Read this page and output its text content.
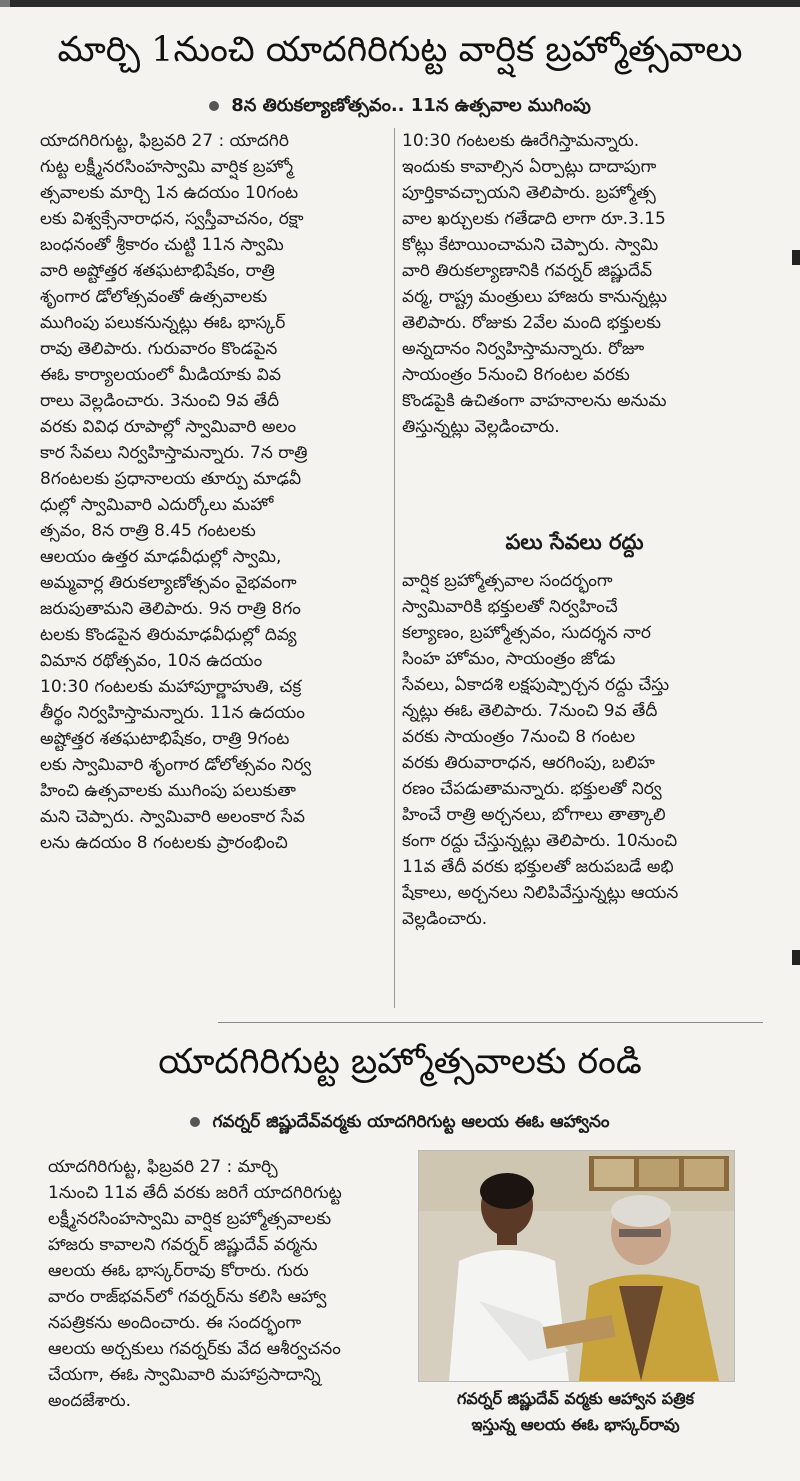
మార్చి 1నుంచి యాదగిరిగుట్ట వార్షిక బ్రహ్మోత్సవాలు
8న తిరుకల్యాణోత్సవం.. 11న ఉత్సవాల ముగింపు
యాదగిరిగుట్ట, ఫిబ్రవరి 27 : యాదగిరి
గుట్ట లక్ష్మీనరసింహస్వామి వార్షిక బ్రహ్మో
త్సవాలకు మార్చి 1న ఉదయం 10గంట
లకు విశ్వక్సేనారాధన, స్వస్తీవాచనం, రక్షా
బంధనంతో శ్రీకారం చుట్టి 11న స్వామి
వారి అష్టోత్తర శతఘటాభిషేకం, రాత్రి
శృంగార డోలోత్సవంతో ఉత్సవాలకు
ముగింపు పలుకనున్నట్లు ఈఓ భాస్కర్
రావు తెలిపారు. గురువారం కొండపైన
ఈఓ కార్యాలయంలో మీడియాకు వివ
రాలు వెల్లడించారు. 3నుంచి 9వ తేదీ
వరకు వివిధ రూపాల్లో స్వామివారి అలం
కార సేవలు నిర్వహిస్తామన్నారు. 7న రాత్రి
8గంటలకు ప్రధానాలయ తూర్పు మాఢవీ
ధుల్లో స్వామివారి ఎదుర్కోలు మహో
త్సవం, 8న రాత్రి 8.45 గంటలకు
ఆలయం ఉత్తర మాఢవీధుల్లో స్వామి,
అమ్మవార్ల తిరుకల్యాణోత్సవం వైభవంగా
జరుపుతామని తెలిపారు. 9న రాత్రి 8గం
టలకు కొండపైన తిరుమాఢవీధుల్లో దివ్య
విమాన రథోత్సవం, 10న ఉదయం
10:30 గంటలకు మహాపూర్ణాహుతి, చక్ర
తీర్థం నిర్వహిస్తామన్నారు. 11న ఉదయం
అష్టోత్తర శతఘటాభిషేకం, రాత్రి 9గంట
లకు స్వామివారి శృంగార డోలోత్సవం నిర్వ
హించి ఉత్సవాలకు ముగింపు పలుకుతా
మని చెప్పారు. స్వామివారి అలంకార సేవ
లను ఉదయం 8 గంటలకు ప్రారంభించి
10:30 గంటలకు ఊరేగిస్తామన్నారు.
ఇందుకు కావాల్సిన ఏర్పాట్లు దాదాపుగా
పూర్తికావచ్చాయని తెలిపారు. బ్రహ్మోత్స
వాల ఖర్చులకు గతేడాది లాగా రూ.3.15
కోట్లు కేటాయించామని చెప్పారు. స్వామి
వారి తిరుకల్యాణానికి గవర్నర్ జిష్ణుదేవ్
వర్మ, రాష్ట్ర మంత్రులు హాజరు కానున్నట్లు
తెలిపారు. రోజుకు 2వేల మంది భక్తులకు
అన్నదానం నిర్వహిస్తామన్నారు. రోజూ
సాయంత్రం 5నుంచి 8గంటల వరకు
కొండపైకి ఉచితంగా వాహనాలను అనుమ
తిస్తున్నట్లు వెల్లడించారు.
పలు సేవలు రద్దు
వార్షిక బ్రహ్మోత్సవాల సందర్భంగా
స్వామివారికి భక్తులతో నిర్వహించే
కల్యాణం, బ్రహ్మోత్సవం, సుదర్శన నార
సింహ హోమం, సాయంత్రం జోడు
సేవలు, ఏకాదశి లక్షపుష్పార్చన రద్దు చేస్తు
న్నట్లు ఈఓ తెలిపారు. 7నుంచి 9వ తేదీ
వరకు సాయంత్రం 7నుంచి 8 గంటల
వరకు తిరువారాధన, ఆరగింపు, బలిహ
రణం చేపడుతామన్నారు. భక్తులతో నిర్వ
హించే రాత్రి అర్చనలు, బోగాలు తాత్కాలి
కంగా రద్దు చేస్తున్నట్లు తెలిపారు. 10నుంచి
11వ తేదీ వరకు భక్తులతో జరుపబడే అభి
షేకాలు, అర్చనలు నిలిపివేస్తున్నట్లు ఆయన
వెల్లడించారు.
యాదగిరిగుట్ట బ్రహ్మోత్సవాలకు రండి
గవర్నర్ జిష్ణుదేవ్‌వర్మకు యాదగిరిగుట్ట ఆలయ ఈఓ ఆహ్వానం
యాదగిరిగుట్ట, ఫిబ్రవరి 27 : మార్చి
1నుంచి 11వ తేదీ వరకు జరిగే యాదగిరిగుట్ట
లక్ష్మీనరసింహస్వామి వార్షిక బ్రహ్మోత్సవాలకు
హాజరు కావాలని గవర్నర్ జిష్ణుదేవ్ వర్మను
ఆలయ ఈఓ భాస్కర్‌రావు కోరారు. గురు
వారం రాజ్‌భవన్‌లో గవర్నర్‌ను కలిసి ఆహ్వా
నపత్రికను అందించారు. ఈ సందర్భంగా
ఆలయ అర్చకులు గవర్నర్‌కు వేద ఆశీర్వచనం
చేయగా, ఈఓ స్వామివారి మహాప్రసాదాన్ని
అందజేశారు.	గవర్నర్ జిష్ణుదేవ్ వర్మకు ఆహ్వాన పత్రిక
ఇస్తున్న ఆలయ ఈఓ భాస్కర్‌రావు
